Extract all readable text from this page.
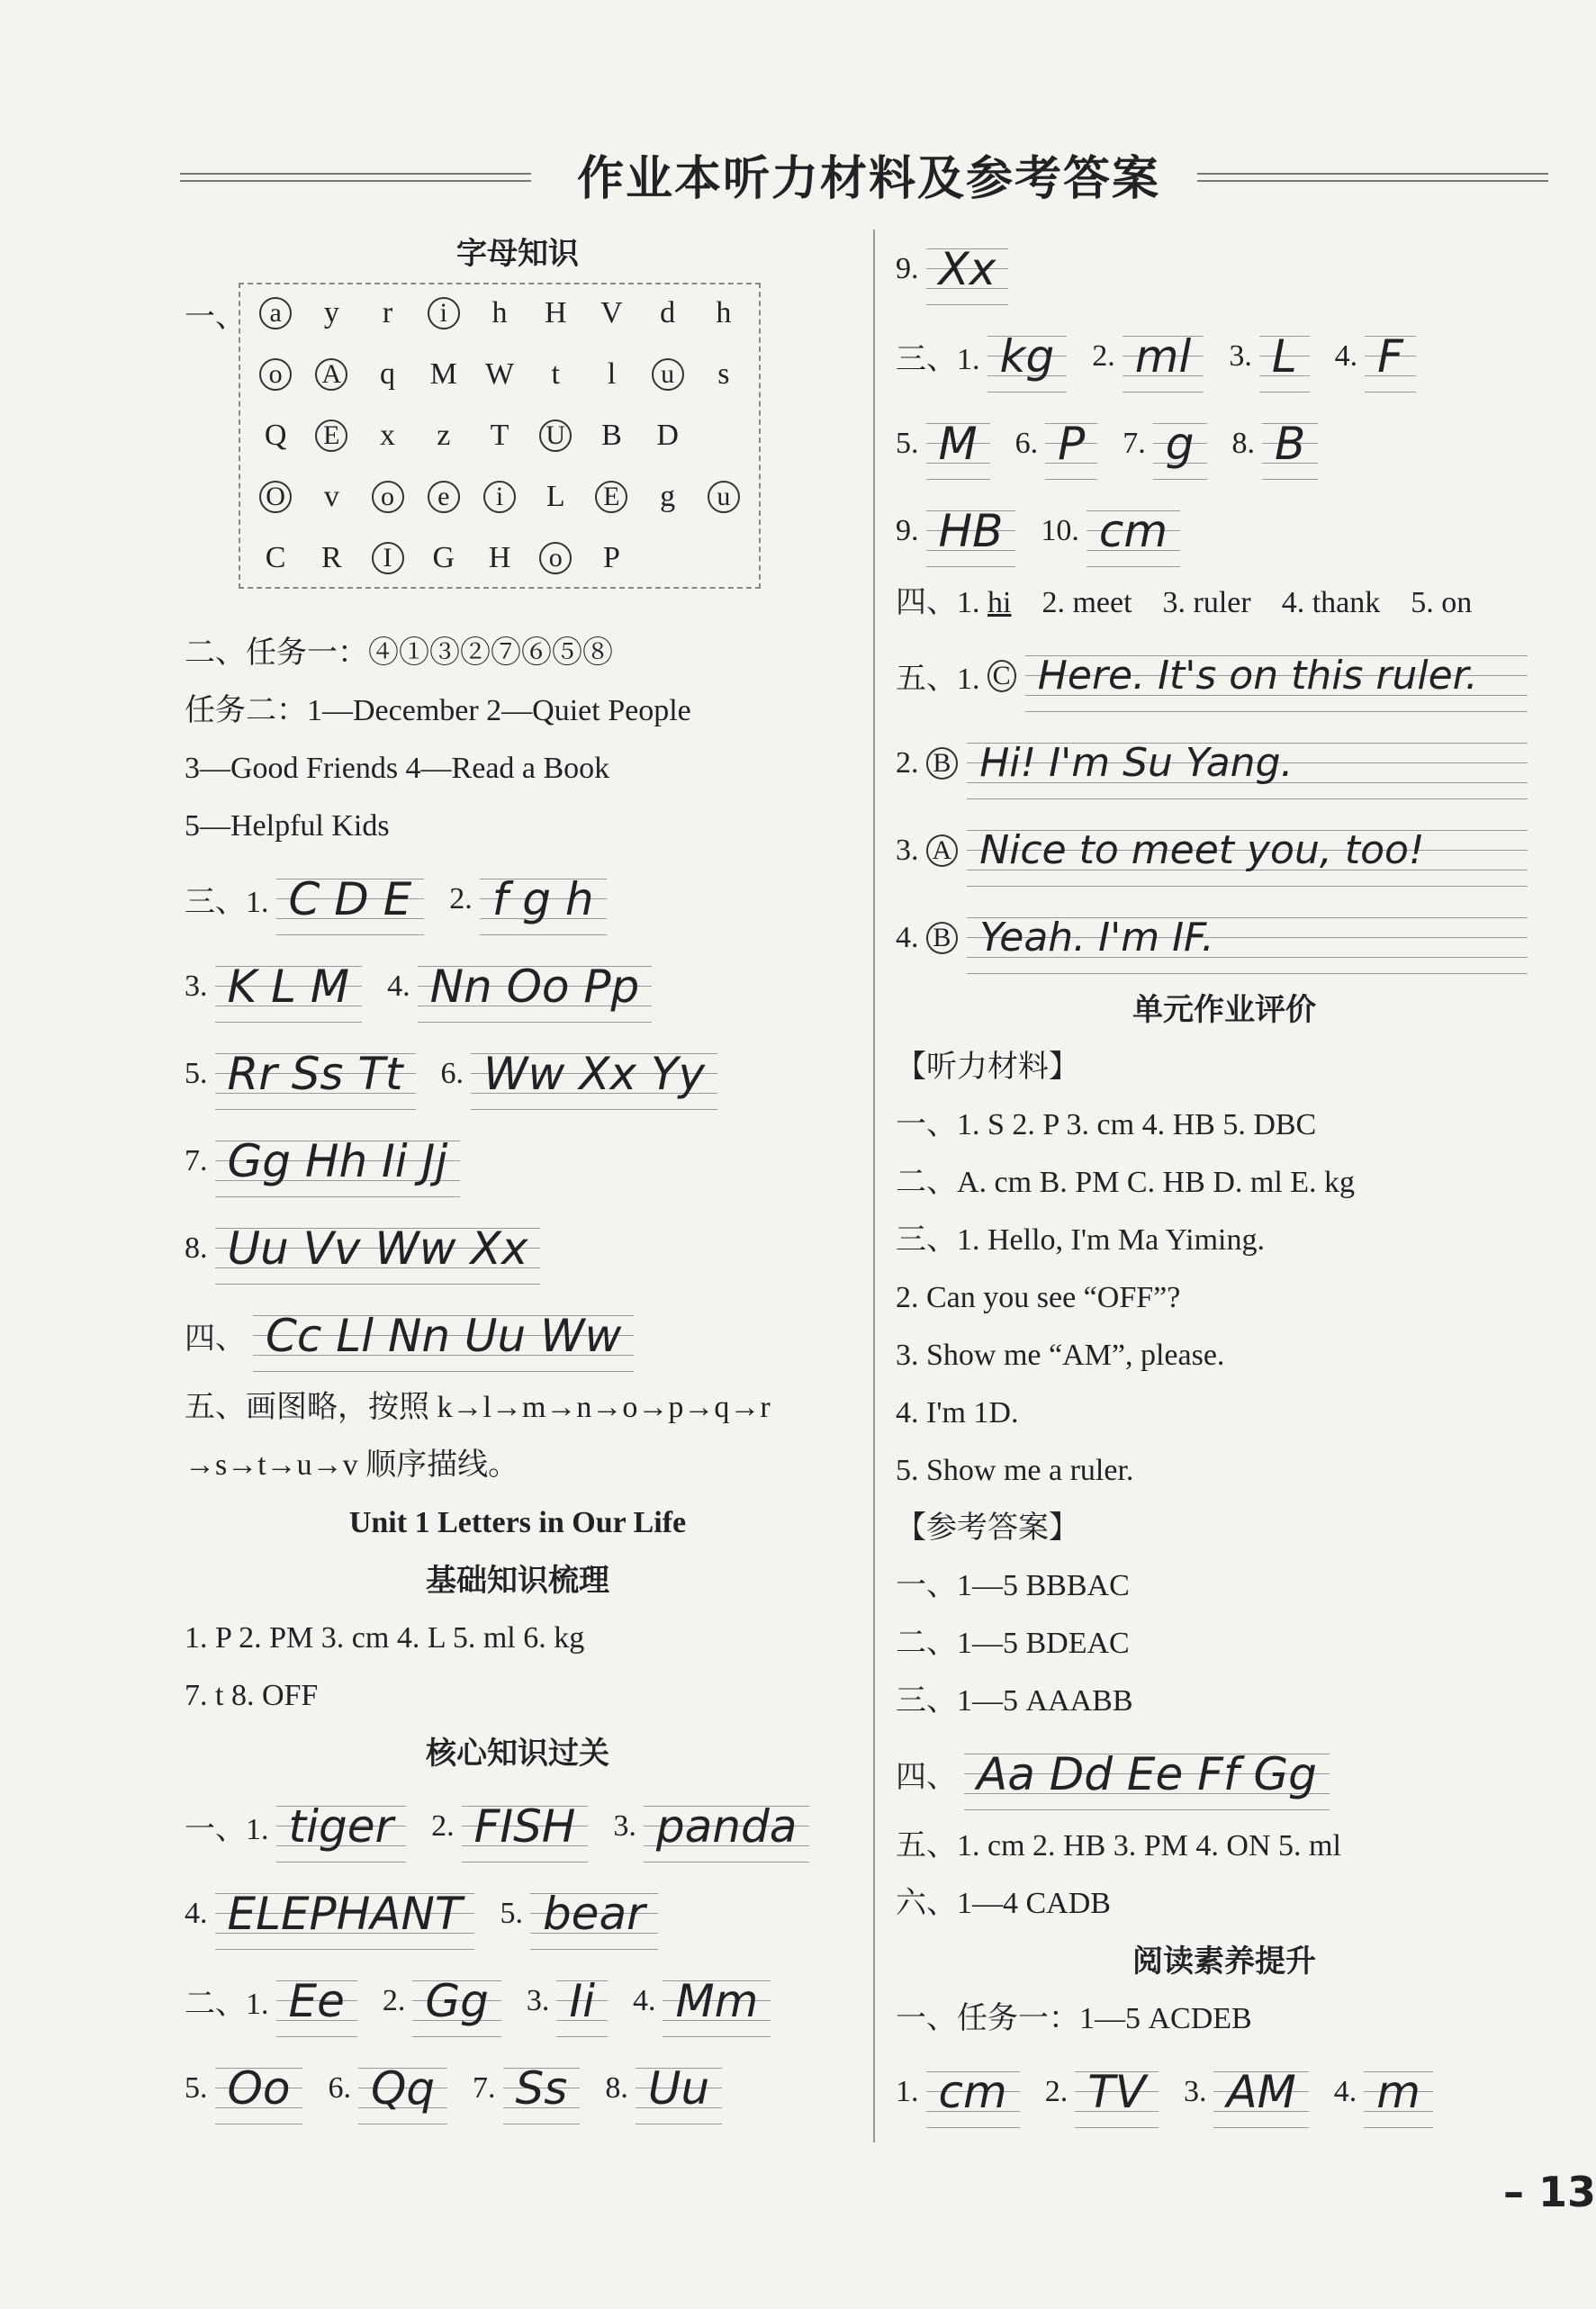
作业本听力材料及参考答案
字母知识
一、 a	y r	i	h H V d h
o	A q M W t l	u	s
Q E x z T U B D
O v	o	e	i	L E g	u
C R	I	G H	o	P
二、任务一：④①③②⑦⑥⑤⑧
任务二：1—December 2—Quiet People
3—Good Friends 4—Read a Book
5—Helpful Kids
三、1. C D E	2. f g h
3. K L M	4. Nn Oo Pp
5. Rr Ss Tt	6. Ww Xx Yy
7. Gg Hh Ii Jj
8. Uu Vv Ww Xx
四、 Cc Ll Nn Uu Ww
五、画图略，按照 k→l→m→n→o→p→q→r
→s→t→u→v 顺序描线。
Unit 1 Letters in Our Life
基础知识梳理
1. P 2. PM 3. cm 4. L 5. ml 6. kg
7. t 8. OFF
核心知识过关
一、1. tiger	2. FISH	3. panda
4. ELEPHANT	5. bear
二、1. Ee	2. Gg	3. Ii	4. Mm
5. Oo	6. Qq	7. Ss	8. Uu
9. Xx
三、1. kg	2. ml	3. L	4. F
5. M	6. P	7. g	8. B
9. HB	10. cm
四、1. hi 2. meet 3. ruler 4. thank 5. on
五、1. C Here. It's on this ruler.
2. B Hi! I'm Su Yang.
3. A Nice to meet you, too!
4. B Yeah. I'm IF.
单元作业评价
【听力材料】
一、1. S 2. P 3. cm 4. HB 5. DBC
二、A. cm B. PM C. HB D. ml E. kg
三、1. Hello, I'm Ma Yiming.
2. Can you see “OFF”?
3. Show me “AM”, please.
4. I'm 1D.
5. Show me a ruler.
【参考答案】
一、1—5 BBBAC
二、1—5 BDEAC
三、1—5 AAABB
四、 Aa Dd Ee Ff Gg
五、1. cm 2. HB 3. PM 4. ON 5. ml
六、1—4 CADB
阅读素养提升
一、任务一：1—5 ACDEB
1. cm	2. TV	3. AM	4. m
– 13
